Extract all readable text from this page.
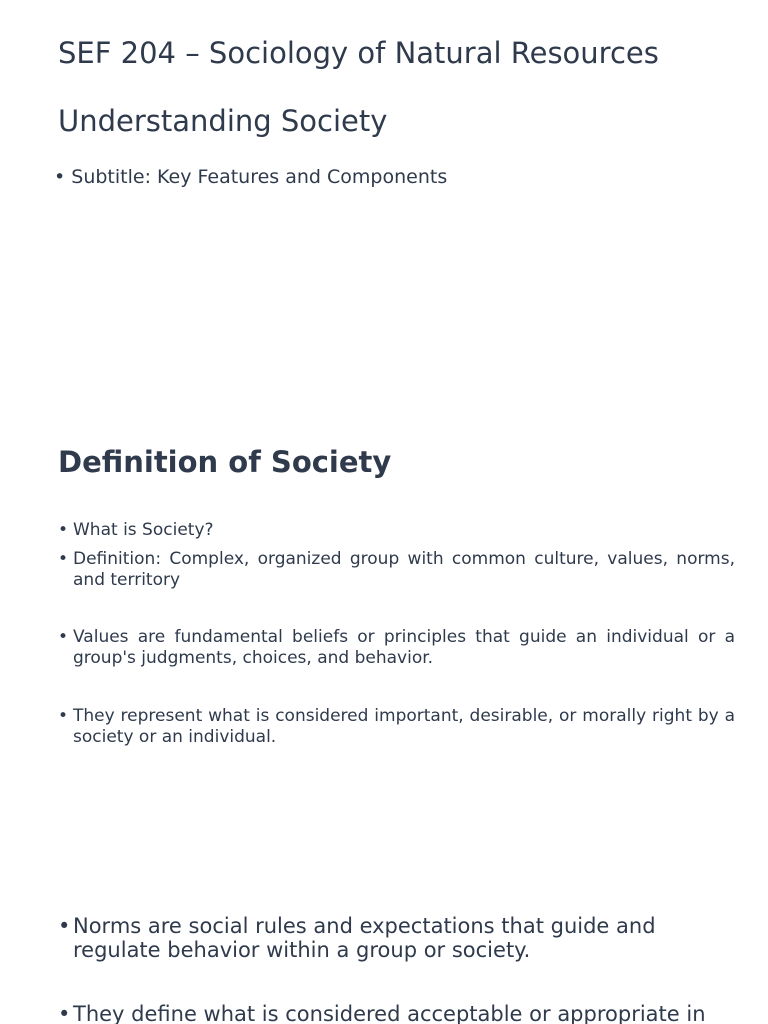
SEF 204 – Sociology of Natural Resources
Understanding Society
• Subtitle: Key Features and Components
Definition of Society
• What is Society?
• Definition: Complex, organized group with common culture, values, norms, and territory
• Values are fundamental beliefs or principles that guide an individual or a group's judgments, choices, and behavior.
• They represent what is considered important, desirable, or morally right by a society or an individual.
• Norms are social rules and expectations that guide and regulate behavior within a group or society.
• They define what is considered acceptable or appropriate in
